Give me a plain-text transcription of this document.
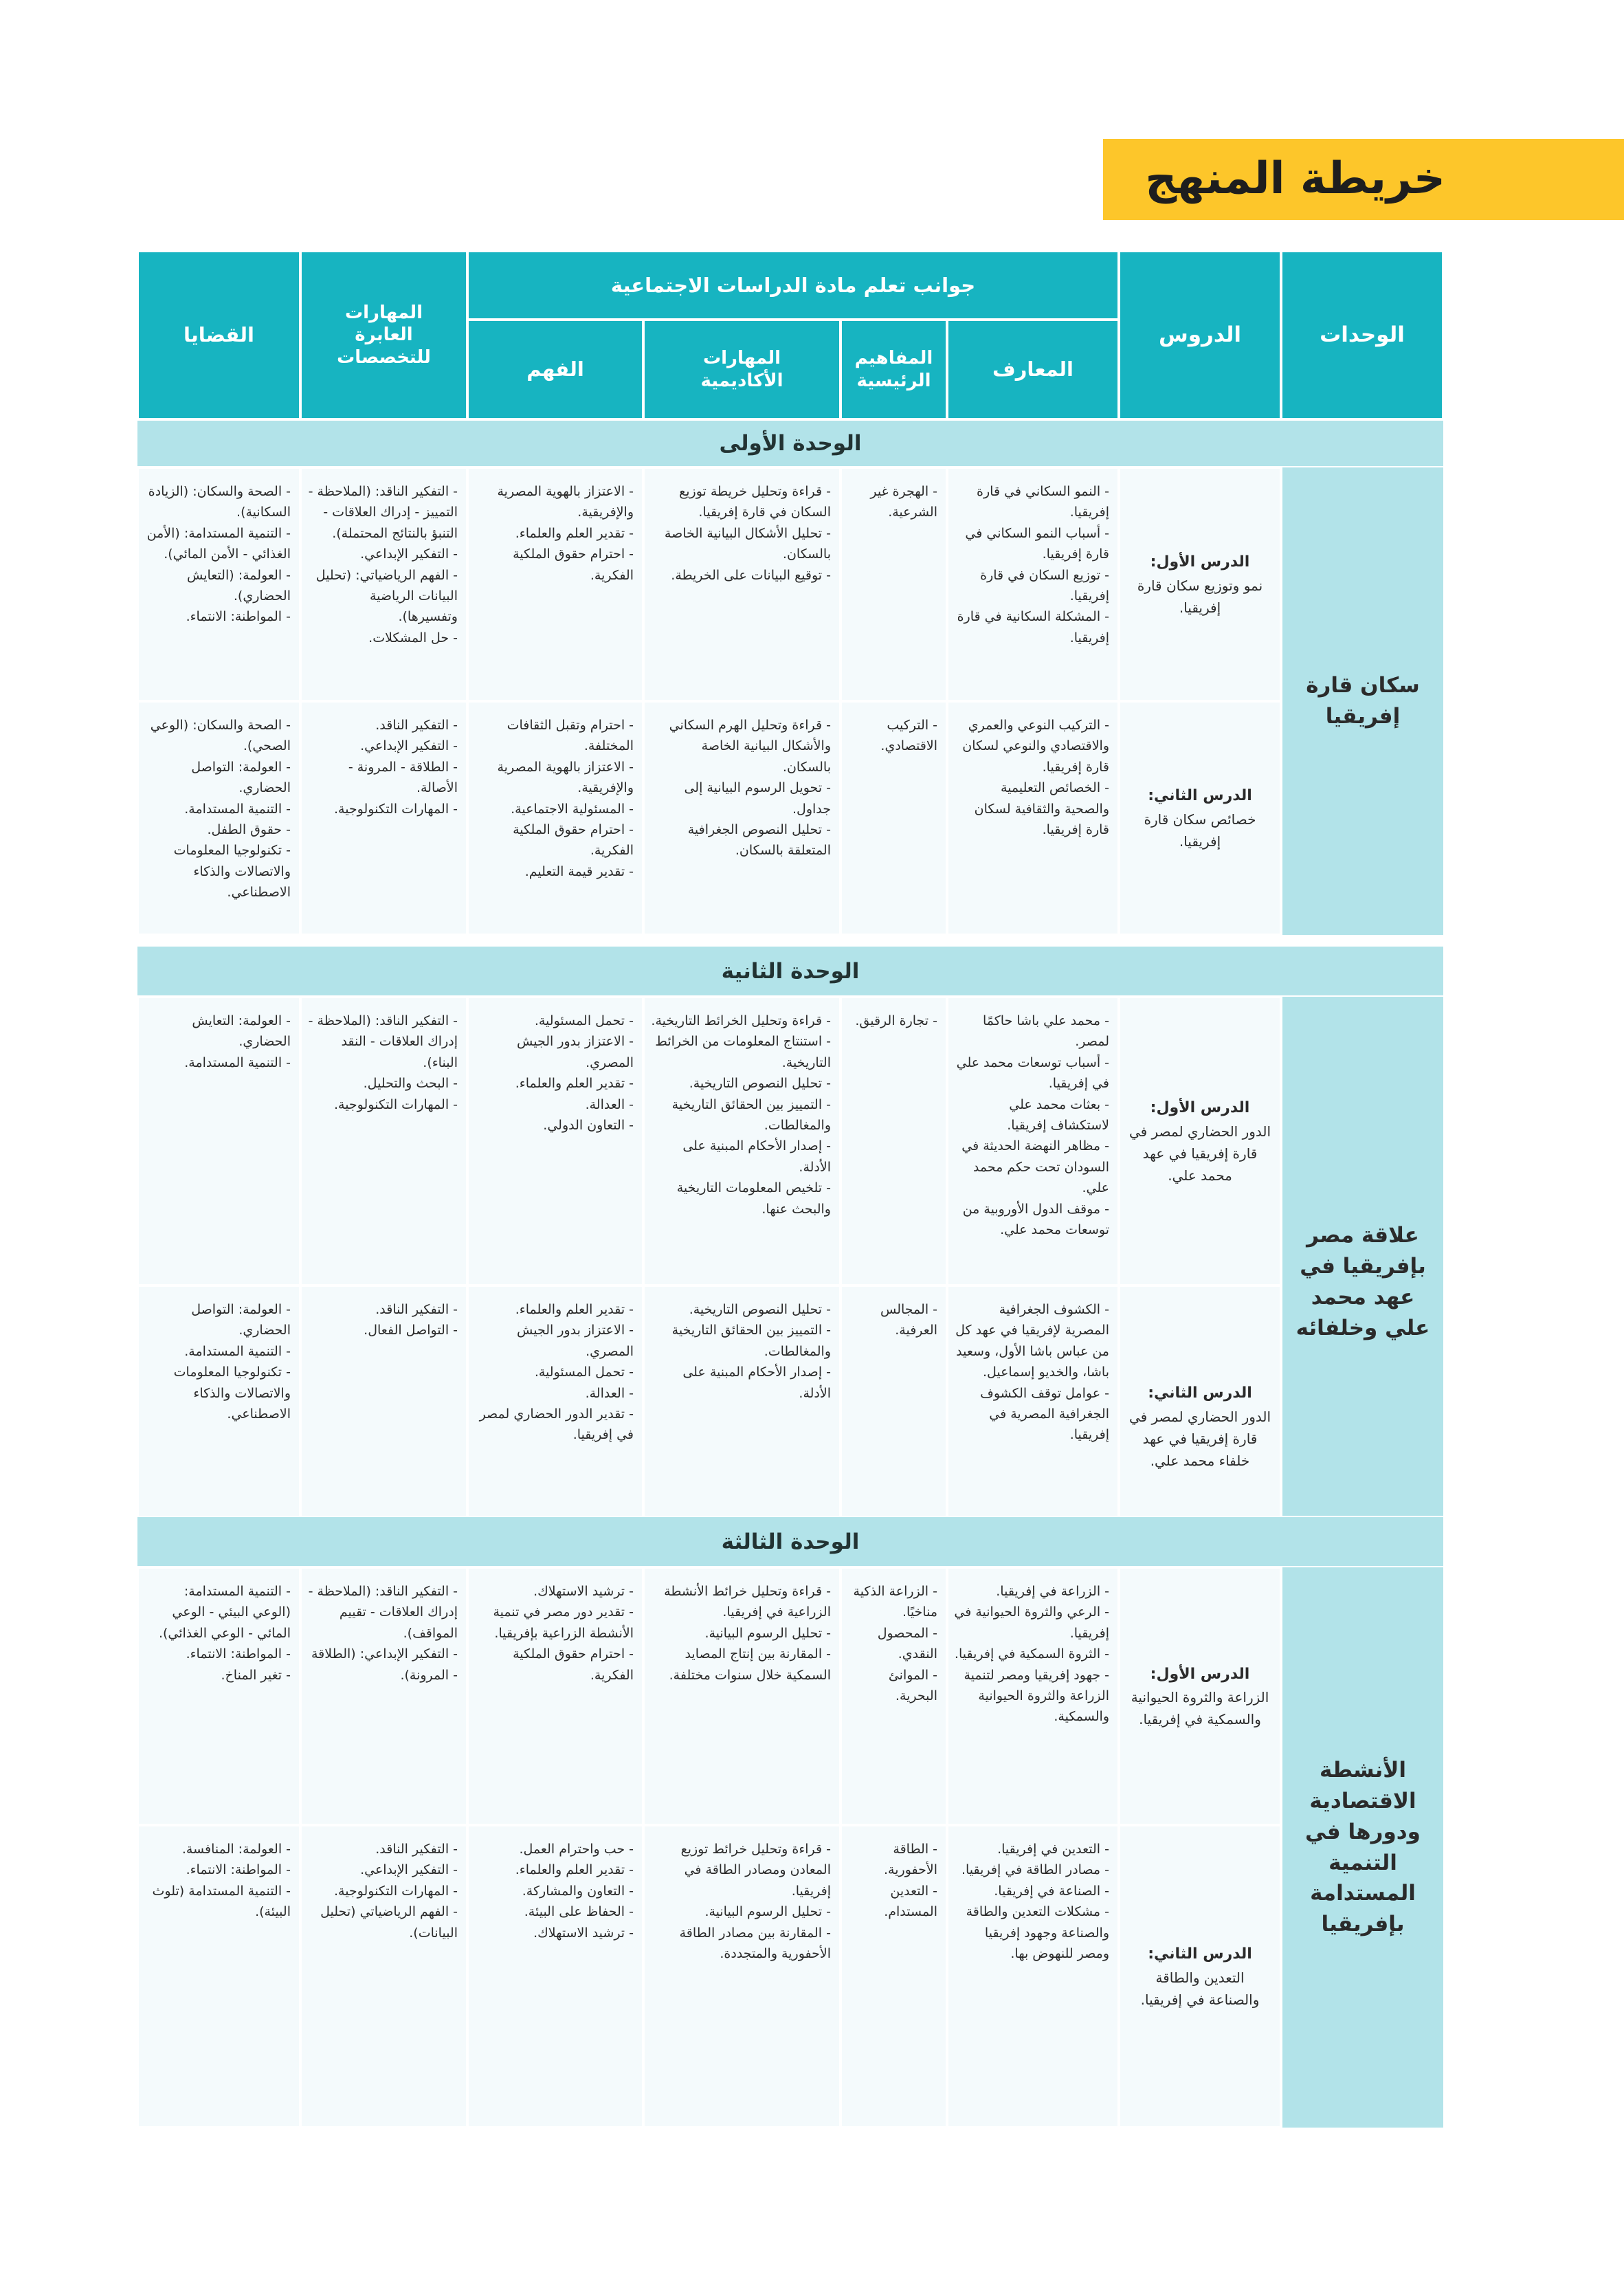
خريطة المنهج
الوحدات
الدروس
جوانب تعلم مادة الدراسات الاجتماعية
المعارف
المفاهيم الرئيسية
المهارات الأكاديمية
الفهم
المهارات العابرة للتخصصات
القضايا
الوحدة الأولى
سكان قارة إفريقيا
الدرس الأول:
نمو وتوزيع سكان قارة إفريقيا.
- النمو السكاني في قارة إفريقيا.
- أسباب النمو السكاني في قارة إفريقيا.
- توزيع السكان في قارة إفريقيا.
- المشكلة السكانية في قارة إفريقيا.
- الهجرة غير الشرعية.
- قراءة وتحليل خريطة توزيع السكان في قارة إفريقيا.
- تحليل الأشكال البيانية الخاصة بالسكان.
- توقيع البيانات على الخريطة.
- الاعتزاز بالهوية المصرية والإفريقية.
- تقدير العلم والعلماء.
- احترام حقوق الملكية الفكرية.
- التفكير الناقد: (الملاحظة - التمييز - إدراك العلاقات - التنبؤ بالنتائج المحتملة).
- التفكير الإبداعي.
- الفهم الرياضياتي: (تحليل البيانات الرياضية وتفسيرها).
- حل المشكلات.
- الصحة والسكان: (الزيادة السكانية).
- التنمية المستدامة: (الأمن الغذائي - الأمن المائي).
- العولمة: (التعايش الحضاري).
- المواطنة: الانتماء.
الدرس الثاني:
خصائص سكان قارة إفريقيا.
- التركيب النوعي والعمري والاقتصادي والنوعي لسكان قارة إفريقيا.
- الخصائص التعليمية والصحية والثقافية لسكان قارة إفريقيا.
- التركيب الاقتصادي.
- قراءة وتحليل الهرم السكاني والأشكال البيانية الخاصة بالسكان.
- تحويل الرسوم البيانية إلى جداول.
- تحليل النصوص الجغرافية المتعلقة بالسكان.
- احترام وتقبل الثقافات المختلفة.
- الاعتزاز بالهوية المصرية والإفريقية.
- المسئولية الاجتماعية.
- احترام حقوق الملكية الفكرية.
- تقدير قيمة التعليم.
- التفكير الناقد.
- التفكير الإبداعي.
- الطلاقة - المرونة - الأصالة.
- المهارات التكنولوجية.
- الصحة والسكان: (الوعي الصحي).
- العولمة: التواصل الحضاري.
- التنمية المستدامة.
- حقوق الطفل.
- تكنولوجيا المعلومات والاتصالات والذكاء الاصطناعي.
الوحدة الثانية
علاقة مصر بإفريقيا في عهد محمد علي وخلفائه
الدرس الأول:
الدور الحضاري لمصر في قارة إفريقيا في عهد محمد علي.
- محمد علي باشا حاكمًا لمصر.
- أسباب توسعات محمد علي في إفريقيا.
- بعثات محمد علي لاستكشاف إفريقيا.
- مظاهر النهضة الحديثة في السودان تحت حكم محمد علي.
- موقف الدول الأوروبية من توسعات محمد علي.
- تجارة الرقيق.
- قراءة وتحليل الخرائط التاريخية.
- استنتاج المعلومات من الخرائط التاريخية.
- تحليل النصوص التاريخية.
- التمييز بين الحقائق التاريخية والمغالطات.
- إصدار الأحكام المبنية على الأدلة.
- تلخيص المعلومات التاريخية والبحث عنها.
- تحمل المسئولية.
- الاعتزاز بدور الجيش المصري.
- تقدير العلم والعلماء.
- العدالة.
- التعاون الدولي.
- التفكير الناقد: (الملاحظة - إدراك العلاقات - النقد البناء).
- البحث والتحليل.
- المهارات التكنولوجية.
- العولمة: التعايش الحضاري.
- التنمية المستدامة.
الدرس الثاني:
الدور الحضاري لمصر في قارة إفريقيا في عهد خلفاء محمد علي.
- الكشوف الجغرافية المصرية لإفريقيا في عهد كل من عباس باشا الأول، وسعيد باشا، والخديو إسماعيل.
- عوامل توقف الكشوف الجغرافية المصرية في إفريقيا.
- المجالس العرفية.
- تحليل النصوص التاريخية.
- التمييز بين الحقائق التاريخية والمغالطات.
- إصدار الأحكام المبنية على الأدلة.
- تقدير العلم والعلماء.
- الاعتزاز بدور الجيش المصري.
- تحمل المسئولية.
- العدالة.
- تقدير الدور الحضاري لمصر في إفريقيا.
- التفكير الناقد.
- التواصل الفعال.
- العولمة: التواصل الحضاري.
- التنمية المستدامة.
- تكنولوجيا المعلومات والاتصالات والذكاء الاصطناعي.
الوحدة الثالثة
الأنشطة الاقتصادية ودورها في التنمية المستدامة بإفريقيا
الدرس الأول:
الزراعة والثروة الحيوانية والسمكية في إفريقيا.
- الزراعة في إفريقيا.
- الرعي والثروة الحيوانية في إفريقيا.
- الثروة السمكية في إفريقيا.
- جهود إفريقيا ومصر لتنمية الزراعة والثروة الحيوانية والسمكية.
- الزراعة الذكية مناخيًا.
- المحصول النقدي.
- الموانئ البحرية.
- قراءة وتحليل خرائط الأنشطة الزراعية في إفريقيا.
- تحليل الرسوم البيانية.
- المقارنة بين إنتاج المصايد السمكية خلال سنوات مختلفة.
- ترشيد الاستهلاك.
- تقدير دور مصر في تنمية الأنشطة الزراعية بإفريقيا.
- احترام حقوق الملكية الفكرية.
- التفكير الناقد: (الملاحظة - إدراك العلاقات - تقييم المواقف).
- التفكير الإبداعي: (الطلاقة - المرونة).
- التنمية المستدامة: (الوعي البيئي - الوعي المائي - الوعي الغذائي).
- المواطنة: الانتماء.
- تغير المناخ.
الدرس الثاني:
التعدين والطاقة والصناعة في إفريقيا.
- التعدين في إفريقيا.
- مصادر الطاقة في إفريقيا.
- الصناعة في إفريقيا.
- مشكلات التعدين والطاقة والصناعة وجهود إفريقيا ومصر للنهوض بها.
- الطاقة الأحفورية.
- التعدين المستدام.
- قراءة وتحليل خرائط توزيع المعادن ومصادر الطاقة في إفريقيا.
- تحليل الرسوم البيانية.
- المقارنة بين مصادر الطاقة الأحفورية والمتجددة.
- حب واحترام العمل.
- تقدير العلم والعلماء.
- التعاون والمشاركة.
- الحفاظ على البيئة.
- ترشيد الاستهلاك.
- التفكير الناقد.
- التفكير الإبداعي.
- المهارات التكنولوجية.
- الفهم الرياضياتي (تحليل البيانات).
- العولمة: المنافسة.
- المواطنة: الانتماء.
- التنمية المستدامة (تلوث البيئة).
